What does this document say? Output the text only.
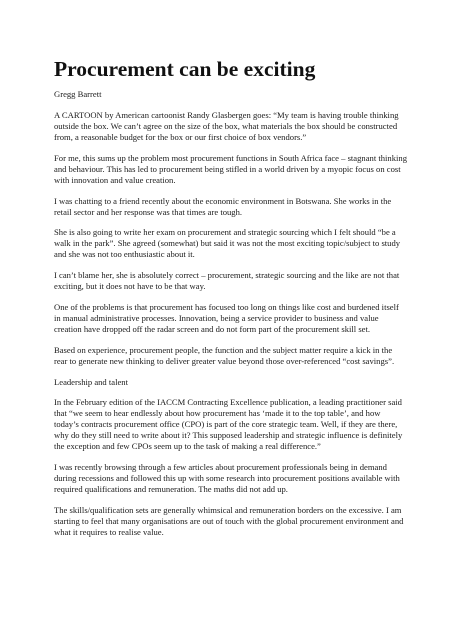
Procurement can be exciting

Gregg Barrett

A CARTOON by American cartoonist Randy Glasbergen goes: “My team is having trouble thinking outside the box. We can’t agree on the size of the box, what materials the box should be constructed from, a reasonable budget for the box or our first choice of box vendors.”

For me, this sums up the problem most procurement functions in South Africa face – stagnant thinking and behaviour. This has led to procurement being stifled in a world driven by a myopic focus on cost with innovation and value creation.

I was chatting to a friend recently about the economic environment in Botswana. She works in the retail sector and her response was that times are tough.

She is also going to write her exam on procurement and strategic sourcing which I felt should “be a walk in the park”. She agreed (somewhat) but said it was not the most exciting topic/subject to study and she was not too enthusiastic about it.

I can’t blame her, she is absolutely correct – procurement, strategic sourcing and the like are not that exciting, but it does not have to be that way.

One of the problems is that procurement has focused too long on things like cost and burdened itself in manual administrative processes. Innovation, being a service provider to business and value creation have dropped off the radar screen and do not form part of the procurement skill set.

Based on experience, procurement people, the function and the subject matter require a kick in the rear to generate new thinking to deliver greater value beyond those over-referenced “cost savings”.

Leadership and talent

In the February edition of the IACCM Contracting Excellence publication, a leading practitioner said that “we seem to hear endlessly about how procurement has ‘made it to the top table’, and how today’s contracts procurement office (CPO) is part of the core strategic team. Well, if they are there, why do they still need to write about it? This supposed leadership and strategic influence is definitely the exception and few CPOs seem up to the task of making a real difference.”

I was recently browsing through a few articles about procurement professionals being in demand during recessions and followed this up with some research into procurement positions available with required qualifications and remuneration. The maths did not add up.

The skills/qualification sets are generally whimsical and remuneration borders on the excessive. I am starting to feel that many organisations are out of touch with the global procurement environment and what it requires to realise value.
